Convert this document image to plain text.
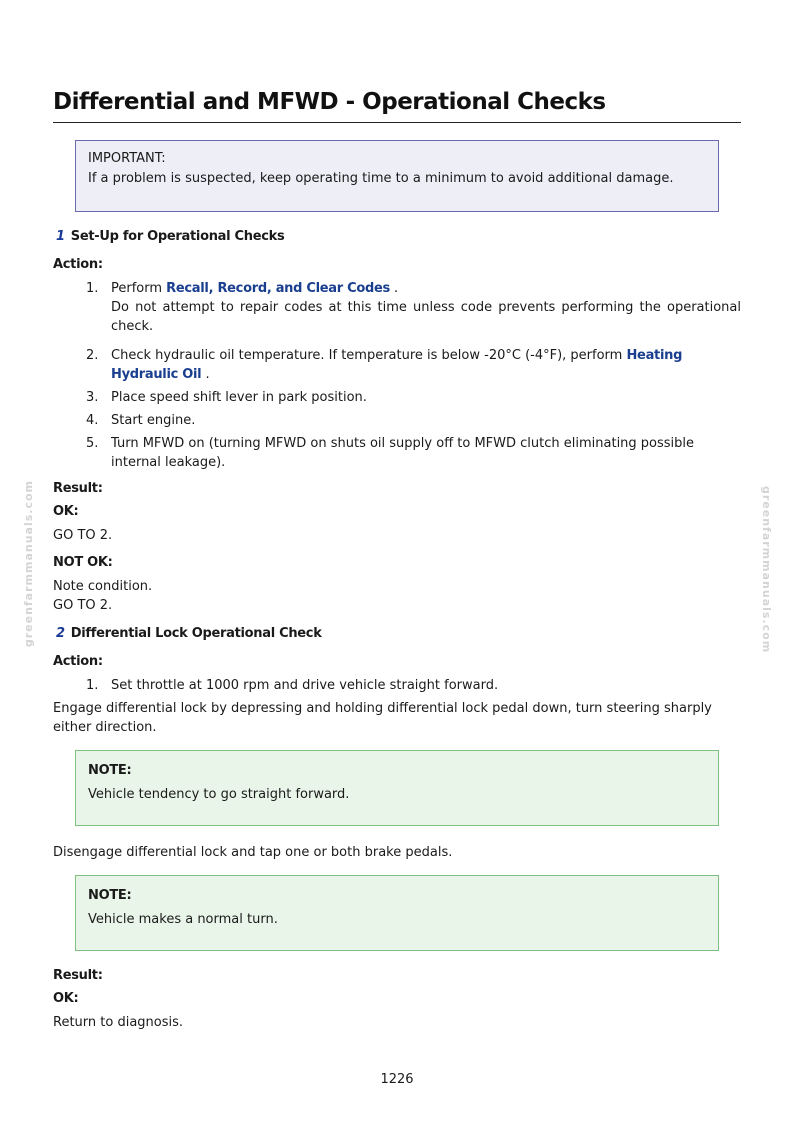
Differential and MFWD - Operational Checks
IMPORTANT:
If a problem is suspected, keep operating time to a minimum to avoid additional damage.
1 Set-Up for Operational Checks
Action:
1. Perform Recall, Record, and Clear Codes .

Do not attempt to repair codes at this time unless code prevents performing the operational check.
2. Check hydraulic oil temperature. If temperature is below -20°C (-4°F), perform Heating Hydraulic Oil .
3. Place speed shift lever in park position.
4. Start engine.
5. Turn MFWD on (turning MFWD on shuts oil supply off to MFWD clutch eliminating possible internal leakage).
Result:
OK:
GO TO 2.
NOT OK:
Note condition.
GO TO 2.
2 Differential Lock Operational Check
Action:
1. Set throttle at 1000 rpm and drive vehicle straight forward.
Engage differential lock by depressing and holding differential lock pedal down, turn steering sharply either direction.
NOTE:
Vehicle tendency to go straight forward.
Disengage differential lock and tap one or both brake pedals.
NOTE:
Vehicle makes a normal turn.
Result:
OK:
Return to diagnosis.
greenfarmmanuals.com	greenfarmmanuals.com
1226
